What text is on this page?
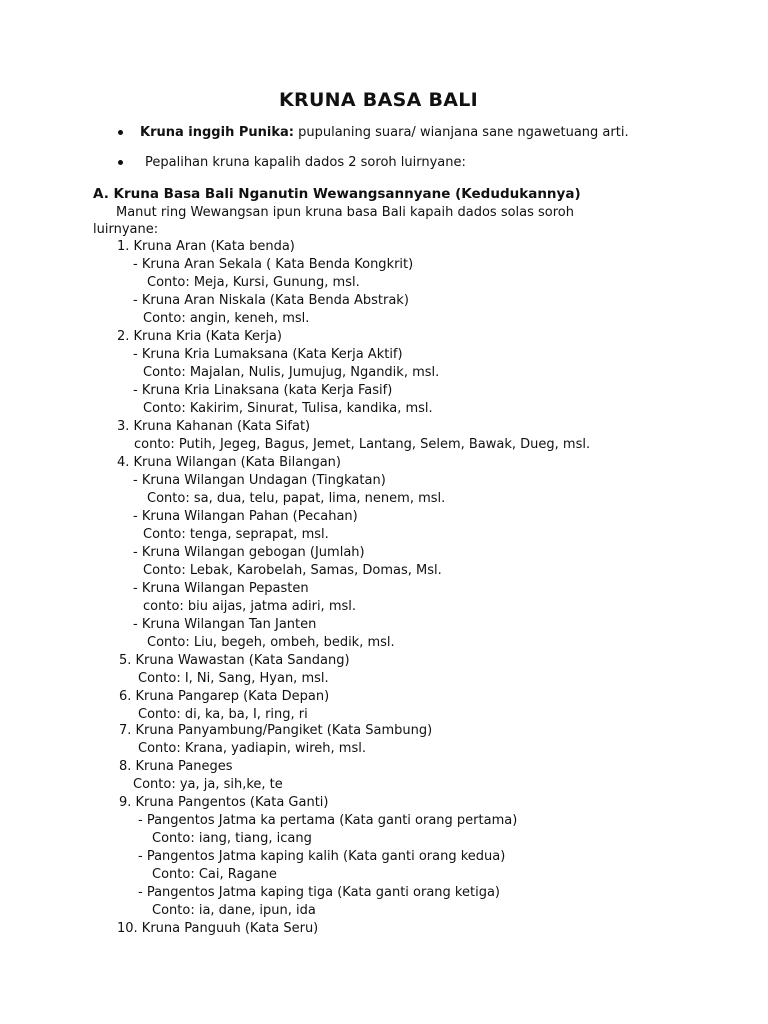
KRUNA BASA BALI
Kruna inggih Punika: pupulaning suara/ wianjana sane ngawetuang arti.
Pepalihan kruna kapalih dados 2 soroh luirnyane:
A. Kruna Basa Bali Nganutin Wewangsannyane (Kedudukannya)
Manut ring Wewangsan ipun kruna basa Bali kapaih dados solas soroh
luirnyane:
1. Kruna Aran (Kata benda)
- Kruna Aran Sekala ( Kata Benda Kongkrit)
Conto: Meja, Kursi, Gunung, msl.
- Kruna Aran Niskala (Kata Benda Abstrak)
Conto: angin, keneh, msl.
2. Kruna Kria (Kata Kerja)
- Kruna Kria Lumaksana (Kata Kerja Aktif)
Conto: Majalan, Nulis, Jumujug, Ngandik, msl.
- Kruna Kria Linaksana (kata Kerja Fasif)
Conto: Kakirim, Sinurat, Tulisa, kandika, msl.
3. Kruna Kahanan (Kata Sifat)
conto: Putih, Jegeg, Bagus, Jemet, Lantang, Selem, Bawak, Dueg, msl.
4. Kruna Wilangan (Kata Bilangan)
- Kruna Wilangan Undagan (Tingkatan)
Conto: sa, dua, telu, papat, lima, nenem, msl.
- Kruna Wilangan Pahan (Pecahan)
Conto: tenga, seprapat, msl.
- Kruna Wilangan gebogan (Jumlah)
Conto: Lebak, Karobelah, Samas, Domas, Msl.
- Kruna Wilangan Pepasten
conto: biu aijas, jatma adiri, msl.
- Kruna Wilangan Tan Janten
Conto: Liu, begeh, ombeh, bedik, msl.
5. Kruna Wawastan (Kata Sandang)
Conto: I, Ni, Sang, Hyan, msl.
6. Kruna Pangarep (Kata Depan)
Conto: di, ka, ba, I, ring, ri
7. Kruna Panyambung/Pangiket (Kata Sambung)
Conto: Krana, yadiapin, wireh, msl.
8. Kruna Paneges
Conto: ya, ja, sih,ke, te
9. Kruna Pangentos (Kata Ganti)
- Pangentos Jatma ka pertama (Kata ganti orang pertama)
Conto: iang, tiang, icang
- Pangentos Jatma kaping kalih (Kata ganti orang kedua)
Conto: Cai, Ragane
- Pangentos Jatma kaping tiga (Kata ganti orang ketiga)
Conto: ia, dane, ipun, ida
10. Kruna Panguuh (Kata Seru)
